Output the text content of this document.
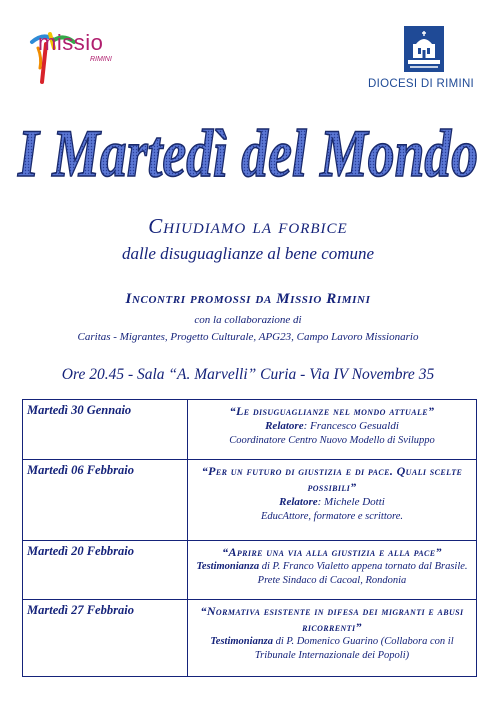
missio
RIMINI
DIOCESI DI RIMINI
I Martedì del Mondo
Chiudiamo la forbice
dalle disuguaglianze al bene comune
Incontri promossi da Missio Rimini
con la collaborazione di
Caritas - Migrantes, Progetto Culturale, APG23, Campo Lavoro Missionario
Ore 20.45 - Sala “A. Marvelli” Curia - Via IV Novembre 35
Martedì 30 Gennaio	“Le disuguaglianze nel mondo attuale”
Relatore: Francesco Gesualdi
Coordinatore Centro Nuovo Modello di Sviluppo

Martedì 06 Febbraio	“Per un futuro di giustizia e di pace. Quali scelte possibili”
Relatore: Michele Dotti
EducAttore, formatore e scrittore.

Martedì 20 Febbraio	“Aprire una via alla giustizia e alla pace”
Testimonianza di P. Franco Vialetto appena tornato dal Brasile. Prete Sindaco di Cacoal, Rondonia

Martedì 27 Febbraio	“Normativa esistente in difesa dei migranti e abusi ricorrenti”
Testimonianza di P. Domenico Guarino (Collabora con il Tribunale Internazionale dei Popoli)
